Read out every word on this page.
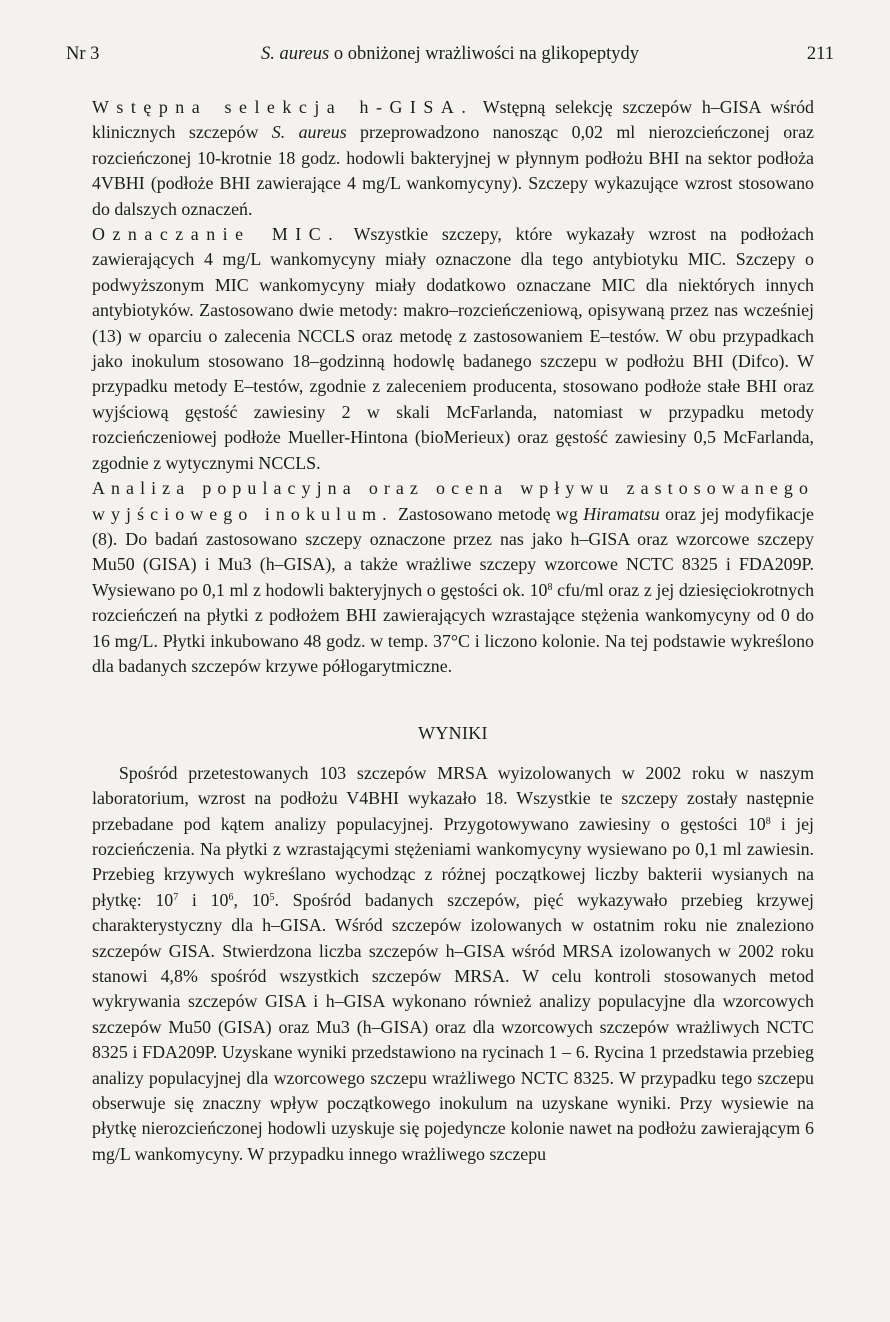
Nr 3	S. aureus o obniżonej wrażliwości na glikopeptydy	211

Wstępna selekcja h-GISA. Wstępną selekcję szczepów h–GISA wśród klinicznych szczepów S. aureus przeprowadzono nanosząc 0,02 ml nierozcieńczonej oraz rozcieńczonej 10-krotnie 18 godz. hodowli bakteryjnej w płynnym podłożu BHI na sektor podłoża 4VBHI (podłoże BHI zawierające 4 mg/L wankomycyny). Szczepy wykazujące wzrost stosowano do dalszych oznaczeń.

Oznaczanie MIC. Wszystkie szczepy, które wykazały wzrost na podłożach zawierających 4 mg/L wankomycyny miały oznaczone dla tego antybiotyku MIC. Szczepy o podwyższonym MIC wankomycyny miały dodatkowo oznaczane MIC dla niektórych innych antybiotyków. Zastosowano dwie metody: makro–rozcieńczeniową, opisywaną przez nas wcześniej (13) w oparciu o zalecenia NCCLS oraz metodę z zastosowaniem E–testów. W obu przypadkach jako inokulum stosowano 18–godzinną hodowlę badanego szczepu w podłożu BHI (Difco). W przypadku metody E–testów, zgodnie z zaleceniem producenta, stosowano podłoże stałe BHI oraz wyjściową gęstość zawiesiny 2 w skali McFarlanda, natomiast w przypadku metody rozcieńczeniowej podłoże Mueller-Hintona (bioMerieux) oraz gęstość zawiesiny 0,5 McFarlanda, zgodnie z wytycznymi NCCLS.

Analiza populacyjna oraz ocena wpływu zastosowanego wyjściowego inokulum. Zastosowano metodę wg Hiramatsu oraz jej modyfikacje (8). Do badań zastosowano szczepy oznaczone przez nas jako h–GISA oraz wzorcowe szczepy Mu50 (GISA) i Mu3 (h–GISA), a także wrażliwe szczepy wzorcowe NCTC 8325 i FDA209P. Wysiewano po 0,1 ml z hodowli bakteryjnych o gęstości ok. $10^8$ cfu/ml oraz z jej dziesięciokrotnych rozcieńczeń na płytki z podłożem BHI zawierających wzrastające stężenia wankomycyny od 0 do 16 mg/L. Płytki inkubowano 48 godz. w temp. 37°C i liczono kolonie. Na tej podstawie wykreślono dla badanych szczepów krzywe półlogarytmiczne.

WYNIKI

Spośród przetestowanych 103 szczepów MRSA wyizolowanych w 2002 roku w naszym laboratorium, wzrost na podłożu V4BHI wykazało 18. Wszystkie te szczepy zostały następnie przebadane pod kątem analizy populacyjnej. Przygotowywano zawiesiny o gęstości $10^8$ i jej rozcieńczenia. Na płytki z wzrastającymi stężeniami wankomycyny wysiewano po 0,1 ml zawiesin. Przebieg krzywych wykreślano wychodząc z różnej początkowej liczby bakterii wysianych na płytkę: $10^7$ i $10^6$, $10^5$. Spośród badanych szczepów, pięć wykazywało przebieg krzywej charakterystyczny dla h–GISA. Wśród szczepów izolowanych w ostatnim roku nie znaleziono szczepów GISA. Stwierdzona liczba szczepów h–GISA wśród MRSA izolowanych w 2002 roku stanowi 4,8% spośród wszystkich szczepów MRSA. W celu kontroli stosowanych metod wykrywania szczepów GISA i h–GISA wykonano również analizy populacyjne dla wzorcowych szczepów Mu50 (GISA) oraz Mu3 (h–GISA) oraz dla wzorcowych szczepów wrażliwych NCTC 8325 i FDA209P. Uzyskane wyniki przedstawiono na rycinach 1 – 6. Rycina 1 przedstawia przebieg analizy populacyjnej dla wzorcowego szczepu wrażliwego NCTC 8325. W przypadku tego szczepu obserwuje się znaczny wpływ początkowego inokulum na uzyskane wyniki. Przy wysiewie na płytkę nierozcieńczonej hodowli uzyskuje się pojedyncze kolonie nawet na podłożu zawierającym 6 mg/L wankomycyny. W przypadku innego wrażliwego szczepu
